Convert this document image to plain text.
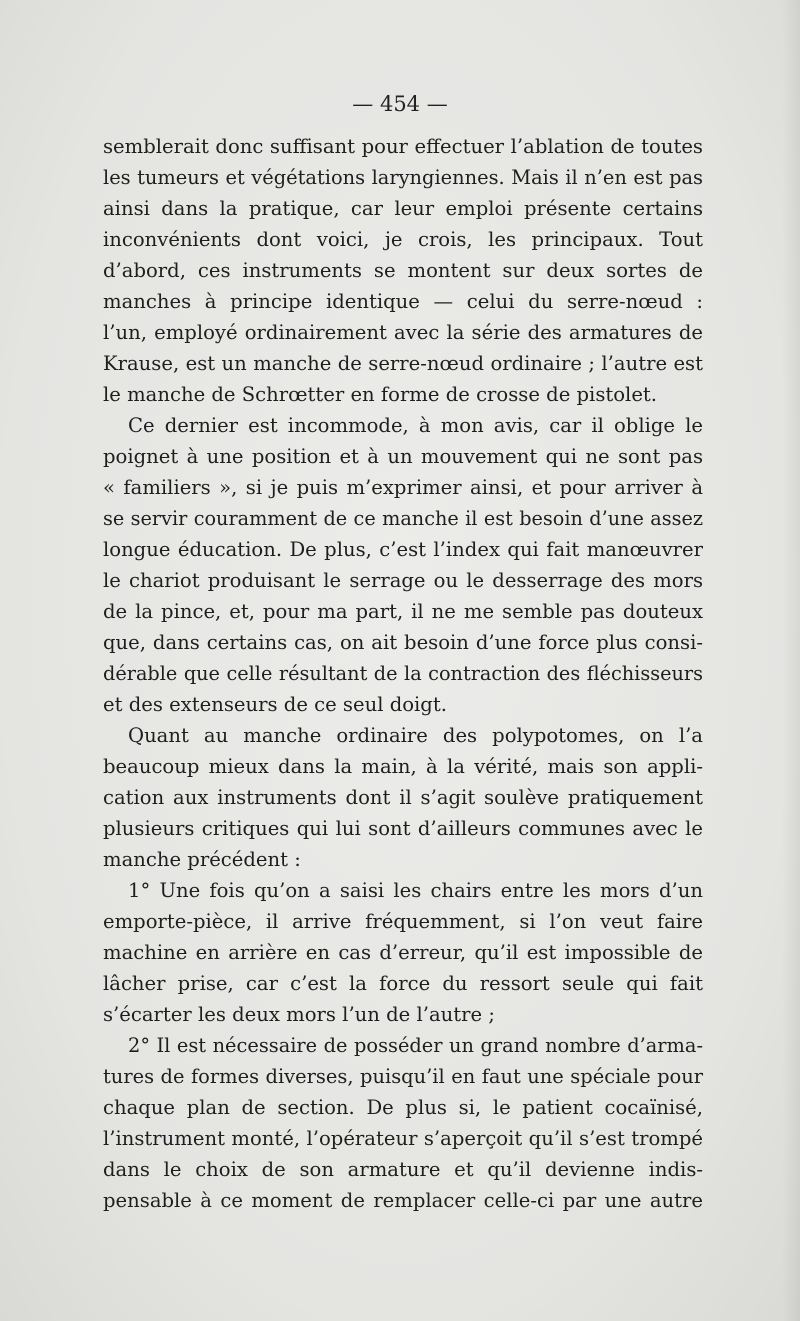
— 454 —
semblerait donc suffisant pour effectuer l’ablation de toutes
les tumeurs et végétations laryngiennes. Mais il n’en est pas
ainsi dans la pratique, car leur emploi présente certains
inconvénients dont voici, je crois, les principaux. Tout
d’abord, ces instruments se montent sur deux sortes de
manches à principe identique — celui du serre-nœud :
l’un, employé ordinairement avec la série des armatures de
Krause, est un manche de serre-nœud ordinaire ; l’autre est
le manche de Schrœtter en forme de crosse de pistolet.
Ce dernier est incommode, à mon avis, car il oblige le
poignet à une position et à un mouvement qui ne sont pas
« familiers », si je puis m’exprimer ainsi, et pour arriver à
se servir couramment de ce manche il est besoin d’une assez
longue éducation. De plus, c’est l’index qui fait manœuvrer
le chariot produisant le serrage ou le desserrage des mors
de la pince, et, pour ma part, il ne me semble pas douteux
que, dans certains cas, on ait besoin d’une force plus consi-
dérable que celle résultant de la contraction des fléchisseurs
et des extenseurs de ce seul doigt.
Quant au manche ordinaire des polypotomes, on l’a
beaucoup mieux dans la main, à la vérité, mais son appli-
cation aux instruments dont il s’agit soulève pratiquement
plusieurs critiques qui lui sont d’ailleurs communes avec le
manche précédent :
1° Une fois qu’on a saisi les chairs entre les mors d’un
emporte-pièce, il arrive fréquemment, si l’on veut faire
machine en arrière en cas d’erreur, qu’il est impossible de
lâcher prise, car c’est la force du ressort seule qui fait
s’écarter les deux mors l’un de l’autre ;
2° Il est nécessaire de posséder un grand nombre d’arma-
tures de formes diverses, puisqu’il en faut une spéciale pour
chaque plan de section. De plus si, le patient cocaïnisé,
l’instrument monté, l’opérateur s’aperçoit qu’il s’est trompé
dans le choix de son armature et qu’il devienne indis-
pensable à ce moment de remplacer celle-ci par une autre
